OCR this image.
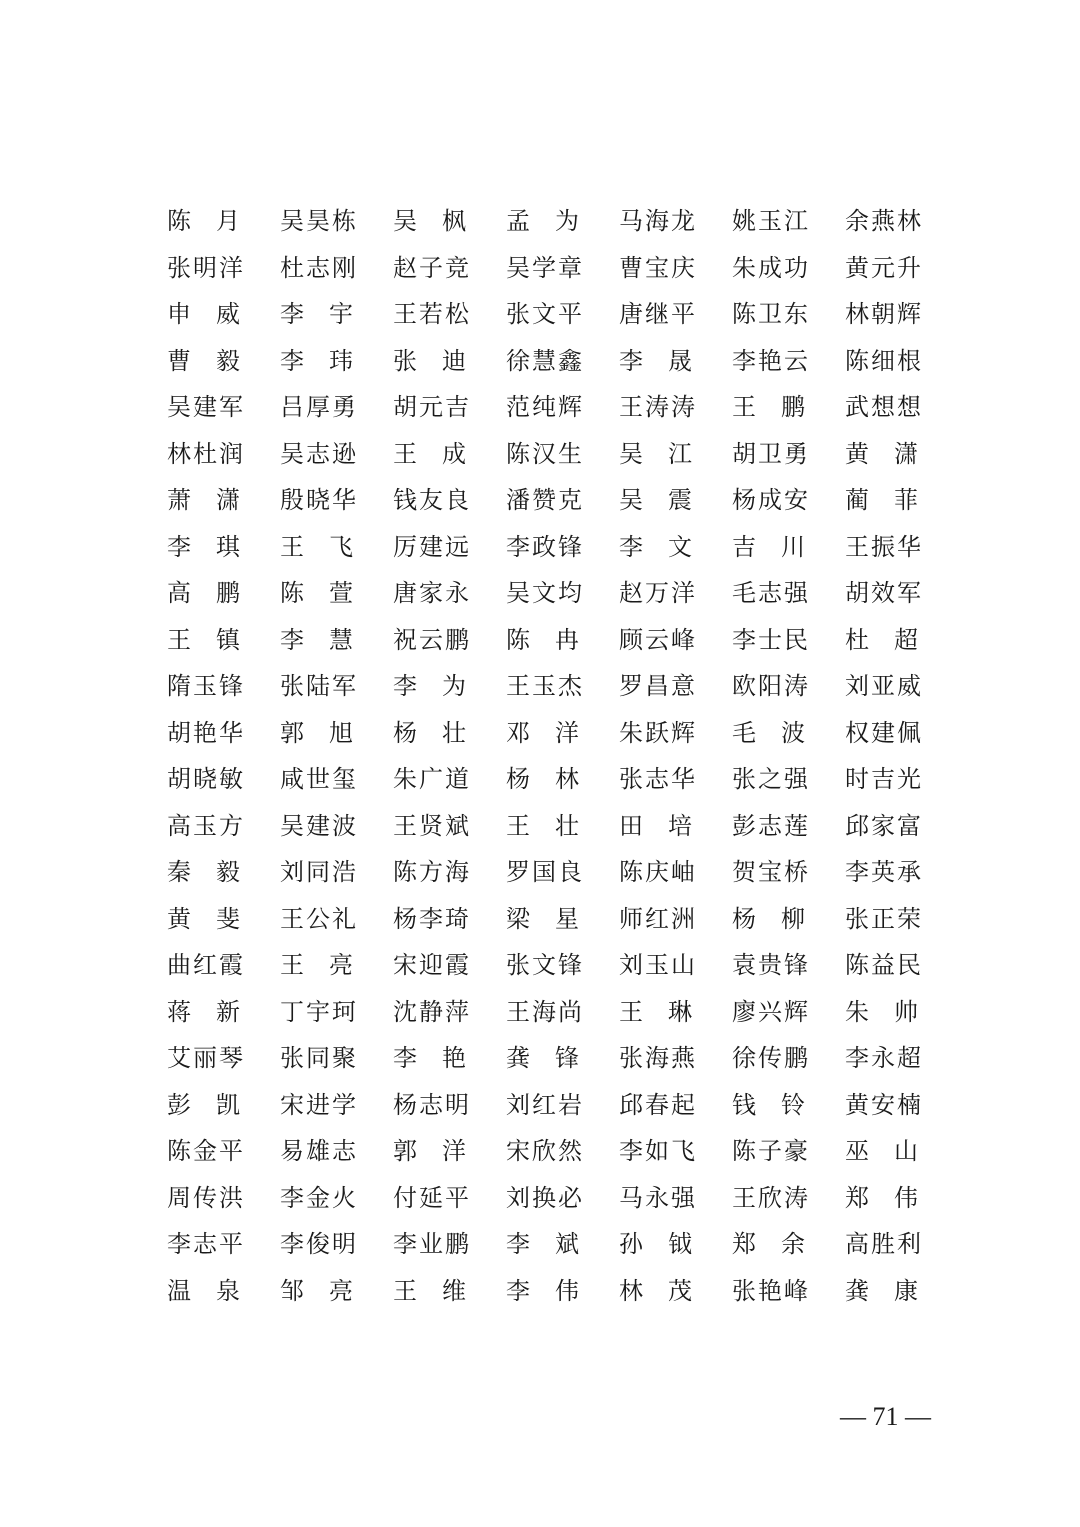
陈 月	吴昊栋	吴 枫	孟 为	马海龙	姚玉江	余燕林
张明洋	杜志刚	赵子竞	吴学章	曹宝庆	朱成功	黄元升
申 威	李 宇	王若松	张文平	唐继平	陈卫东	林朝辉
曹 毅	李 玮	张 迪	徐慧鑫	李 晟	李艳云	陈细根
吴建军	吕厚勇	胡元吉	范纯辉	王涛涛	王 鹏	武想想
林杜润	吴志逊	王 成	陈汉生	吴 江	胡卫勇	黄 潇
萧 潇	殷晓华	钱友良	潘赞克	吴 震	杨成安	蔺 菲
李 琪	王 飞	厉建远	李政锋	李 文	吉 川	王振华
高 鹏	陈 萱	唐家永	吴文均	赵万洋	毛志强	胡效军
王 镇	李 慧	祝云鹏	陈 冉	顾云峰	李士民	杜 超
隋玉锋	张陆军	李 为	王玉杰	罗昌意	欧阳涛	刘亚威
胡艳华	郭 旭	杨 壮	邓 洋	朱跃辉	毛 波	权建佩
胡晓敏	咸世玺	朱广道	杨 林	张志华	张之强	时吉光
高玉方	吴建波	王贤斌	王 壮	田 培	彭志莲	邱家富
秦 毅	刘同浩	陈方海	罗国良	陈庆岫	贺宝桥	李英承
黄 斐	王公礼	杨李琦	梁 星	师红洲	杨 柳	张正荣
曲红霞	王 亮	宋迎霞	张文锋	刘玉山	袁贵锋	陈益民
蒋 新	丁宇珂	沈静萍	王海尚	王 琳	廖兴辉	朱 帅
艾丽琴	张同聚	李 艳	龚 锋	张海燕	徐传鹏	李永超
彭 凯	宋进学	杨志明	刘红岩	邱春起	钱 铃	黄安楠
陈金平	易雄志	郭 洋	宋欣然	李如飞	陈子豪	巫 山
周传洪	李金火	付延平	刘换必	马永强	王欣涛	郑 伟
李志平	李俊明	李业鹏	李 斌	孙 钺	郑 余	高胜利
温 泉	邹 亮	王 维	李 伟	林 茂	张艳峰	龚 康
— 71 —
